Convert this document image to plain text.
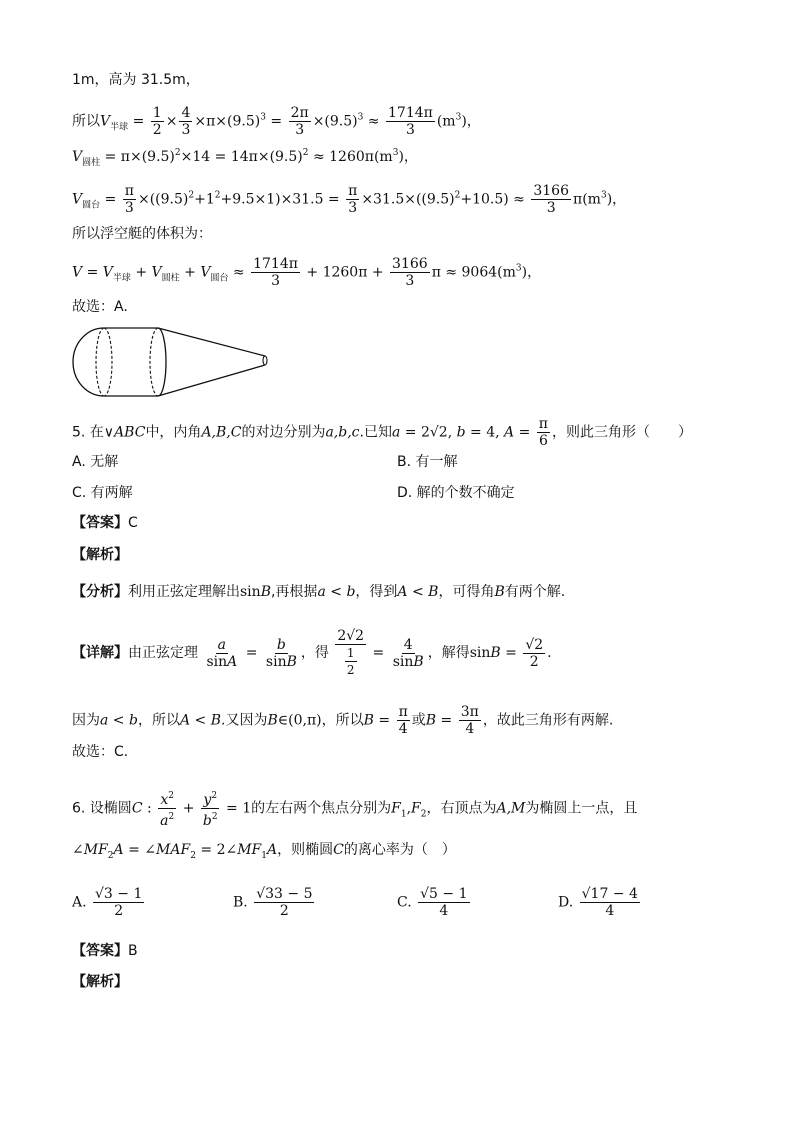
1m，高为 31.5m，
所以$V_{半球} = \frac{1}{2} \times \frac{4}{3} \times\pi\times(9.5)^3 = \frac{2\pi}{3} \times(9.5)^3 \approx \frac{1714\pi}{3} (m^3)$，
$V_{圆柱} = \pi\times(9.5)^2\times 14 = 14\pi\times(9.5)^2 \approx 1260\pi(m^3)$，
$V_{圆台} = \frac{\pi}{3} \times((9.5)^2+1^2+9.5\times 1)\times 31.5 = \frac{\pi}{3} \times 31.5\times((9.5)^2+10.5) \approx \frac{3166}{3} \pi(m^3)$，
所以浮空艇的体积为：
$V = V_{半球} + V_{圆柱} + V_{圆台} \approx \frac{1714\pi}{3} + 1260\pi + \frac{3166}{3}$ $\pi \approx 9064(m^3)$，
故选：A.
5. 在∨ABC中，内角A,B,C的对边分别为a,b,c.已知a = 2√2, b = 4, $A = \frac{\pi}{6}$ ，则此三角形（　　）
A. 无解	B. 有一解
C. 有两解	D. 解的个数不确定
【答案】C
【解析】
【分析】利用正弦定理解出sinB,再根据a < b，得到A < B，可得角B有两个解.
【详解】由正弦定理 $\frac{a}{\sin A} = \frac{b}{\sin B}$ ，得 $\frac{2√2}{\frac{1}{2}} = \frac{4}{\sin B}$ ，解得$\sin B = \frac{√2}{2}$ .
因为a < b，所以A < B.又因为B∈(0,π)，所以$B = \frac{\pi}{4}$ 或$B = \frac{3\pi}{4}$ ，故此三角形有两解.
故选：C.
6. 设椭圆C : $\frac{x^2}{a^2} + \frac{y^2}{b^2} = 1$的左右两个焦点分别为$F_1,F_2$，右顶点为A,M为椭圆上一点，且
$\angle MF_2A$ = $\angle MAF_2$ = $2\angle MF_1A$，则椭圆C的离心率为（　）
A. $\frac{√3 - 1}{2}$	B. $\frac{√33 - 5}{2}$	C. $\frac{√5 - 1}{4}$	D. $\frac{√17 - 4}{4}$
【答案】B
【解析】
